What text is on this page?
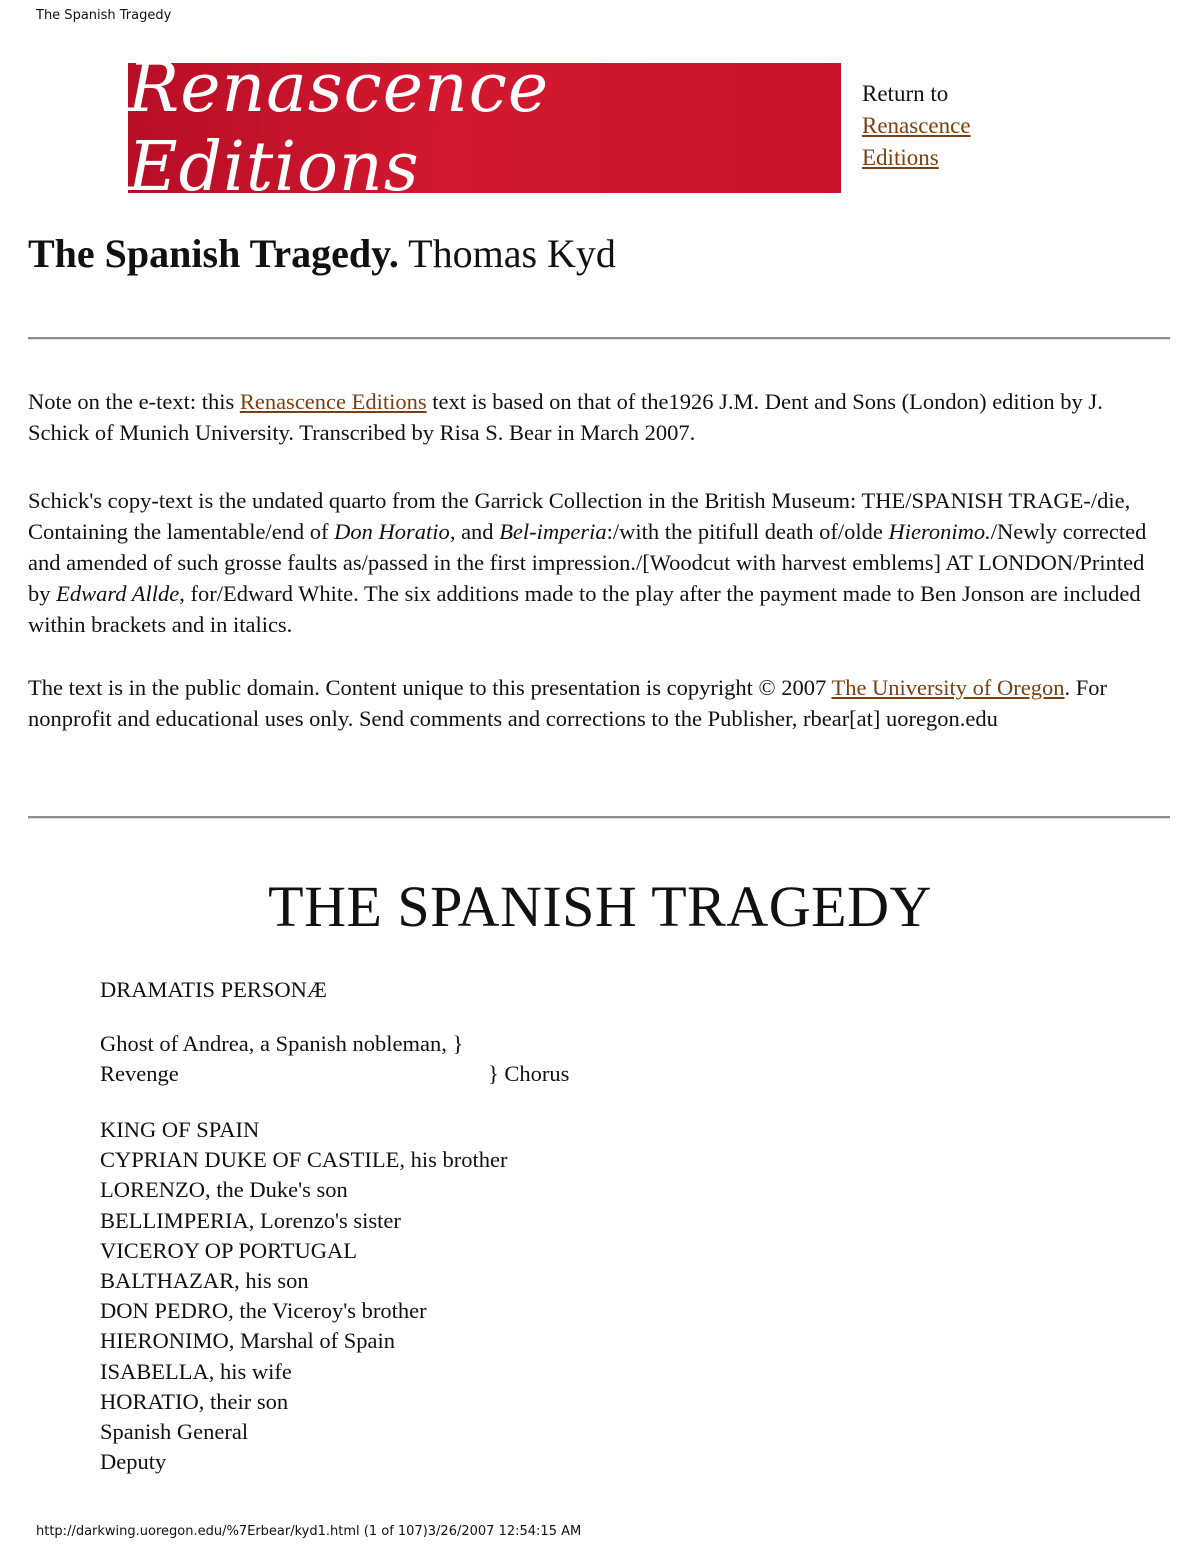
The Spanish Tragedy
Renascence Editions
Return to
Renascence
Editions
The Spanish Tragedy. Thomas Kyd

Note on the e-text: this Renascence Editions text is based on that of the1926 J.M. Dent and Sons (London) edition by J. Schick of Munich University. Transcribed by Risa S. Bear in March 2007.

Schick's copy-text is the undated quarto from the Garrick Collection in the British Museum: THE/SPANISH TRAGE-/die, Containing the lamentable/end of Don Horatio, and Bel-imperia:/with the pitifull death of/olde Hieronimo./Newly corrected and amended of such grosse faults as/passed in the first impression./[Woodcut with harvest emblems] AT LONDON/Printed by Edward Allde, for/Edward White. The six additions made to the play after the payment made to Ben Jonson are included within brackets and in italics.

The text is in the public domain. Content unique to this presentation is copyright © 2007 The University of Oregon. For nonprofit and educational uses only. Send comments and corrections to the Publisher, rbear[at] uoregon.edu

THE SPANISH TRAGEDY
DRAMATIS PERSONÆ
Ghost of Andrea, a Spanish nobleman, }
Revenge	} Chorus
KING OF SPAIN
CYPRIAN DUKE OF CASTILE, his brother
LORENZO, the Duke's son
BELLIMPERIA, Lorenzo's sister
VICEROY OP PORTUGAL
BALTHAZAR, his son
DON PEDRO, the Viceroy's brother
HIERONIMO, Marshal of Spain
ISABELLA, his wife
HORATIO, their son
Spanish General
Deputy
http://darkwing.uoregon.edu/%7Erbear/kyd1.html (1 of 107)3/26/2007 12:54:15 AM
